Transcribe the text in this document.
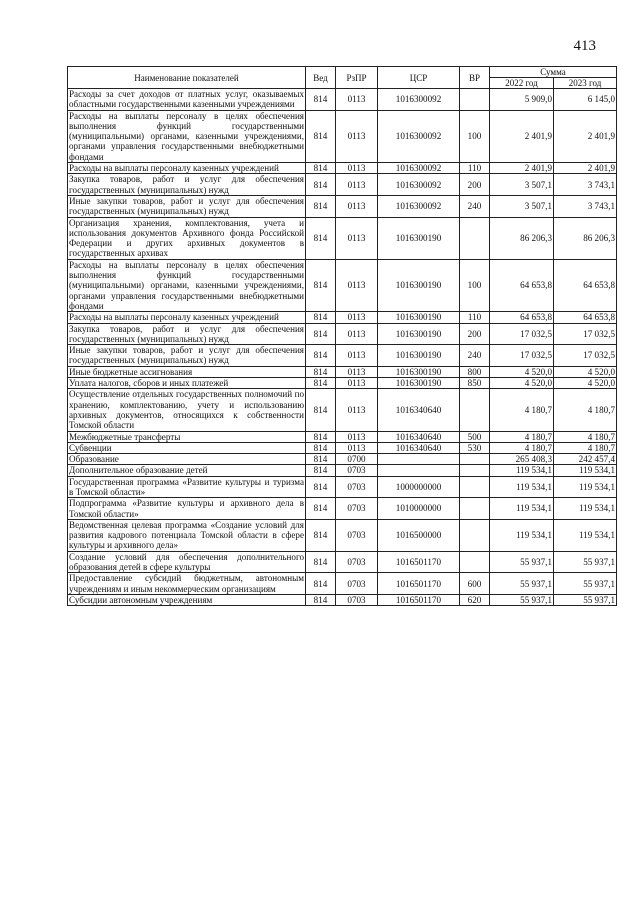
413
Наименование показателей	Вед	РзПР	ЦСР	ВР	Сумма	
					2022 год	2023 год
Расходы за счет доходов от платных услуг, оказываемых областными государственными казенными учреждениями	814	0113	1016300092		5 909,0	6 145,0
Расходы на выплаты персоналу в целях обеспечения выполнения функций государственными (муниципальными) органами, казенными учреждениями, органами управления государственными внебюджетными фондами	814	0113	1016300092	100	2 401,9	2 401,9
Расходы на выплаты персоналу казенных учреждений	814	0113	1016300092	110	2 401,9	2 401,9
Закупка товаров, работ и услуг для обеспечения государственных (муниципальных) нужд	814	0113	1016300092	200	3 507,1	3 743,1
Иные закупки товаров, работ и услуг для обеспечения государственных (муниципальных) нужд	814	0113	1016300092	240	3 507,1	3 743,1
Организация хранения, комплектования, учета и использования документов Архивного фонда Российской Федерации и других архивных документов в государственных архивах	814	0113	1016300190		86 206,3	86 206,3
Расходы на выплаты персоналу в целях обеспечения выполнения функций государственными (муниципальными) органами, казенными учреждениями, органами управления государственными внебюджетными фондами	814	0113	1016300190	100	64 653,8	64 653,8
Расходы на выплаты персоналу казенных учреждений	814	0113	1016300190	110	64 653,8	64 653,8
Закупка товаров, работ и услуг для обеспечения государственных (муниципальных) нужд	814	0113	1016300190	200	17 032,5	17 032,5
Иные закупки товаров, работ и услуг для обеспечения государственных (муниципальных) нужд	814	0113	1016300190	240	17 032,5	17 032,5
Иные бюджетные ассигнования	814	0113	1016300190	800	4 520,0	4 520,0
Уплата налогов, сборов и иных платежей	814	0113	1016300190	850	4 520,0	4 520,0
Осуществление отдельных государственных полномочий по хранению, комплектованию, учету и использованию архивных документов, относящихся к собственности Томской области	814	0113	1016340640		4 180,7	4 180,7
Межбюджетные трансферты	814	0113	1016340640	500	4 180,7	4 180,7
Субвенции	814	0113	1016340640	530	4 180,7	4 180,7
Образование	814	0700			265 408,3	242 457,4
Дополнительное образование детей	814	0703			119 534,1	119 534,1
Государственная программа «Развитие культуры и туризма в Томской области»	814	0703	1000000000		119 534,1	119 534,1
Подпрограмма «Развитие культуры и архивного дела в Томской области»	814	0703	1010000000		119 534,1	119 534,1
Ведомственная целевая программа «Создание условий для развития кадрового потенциала Томской области в сфере культуры и архивного дела»	814	0703	1016500000		119 534,1	119 534,1
Создание условий для обеспечения дополнительного образования детей в сфере культуры	814	0703	1016501170		55 937,1	55 937,1
Предоставление субсидий бюджетным, автономным учреждениям и иным некоммерческим организациям	814	0703	1016501170	600	55 937,1	55 937,1
Субсидии автономным учреждениям	814	0703	1016501170	620	55 937,1	55 937,1
